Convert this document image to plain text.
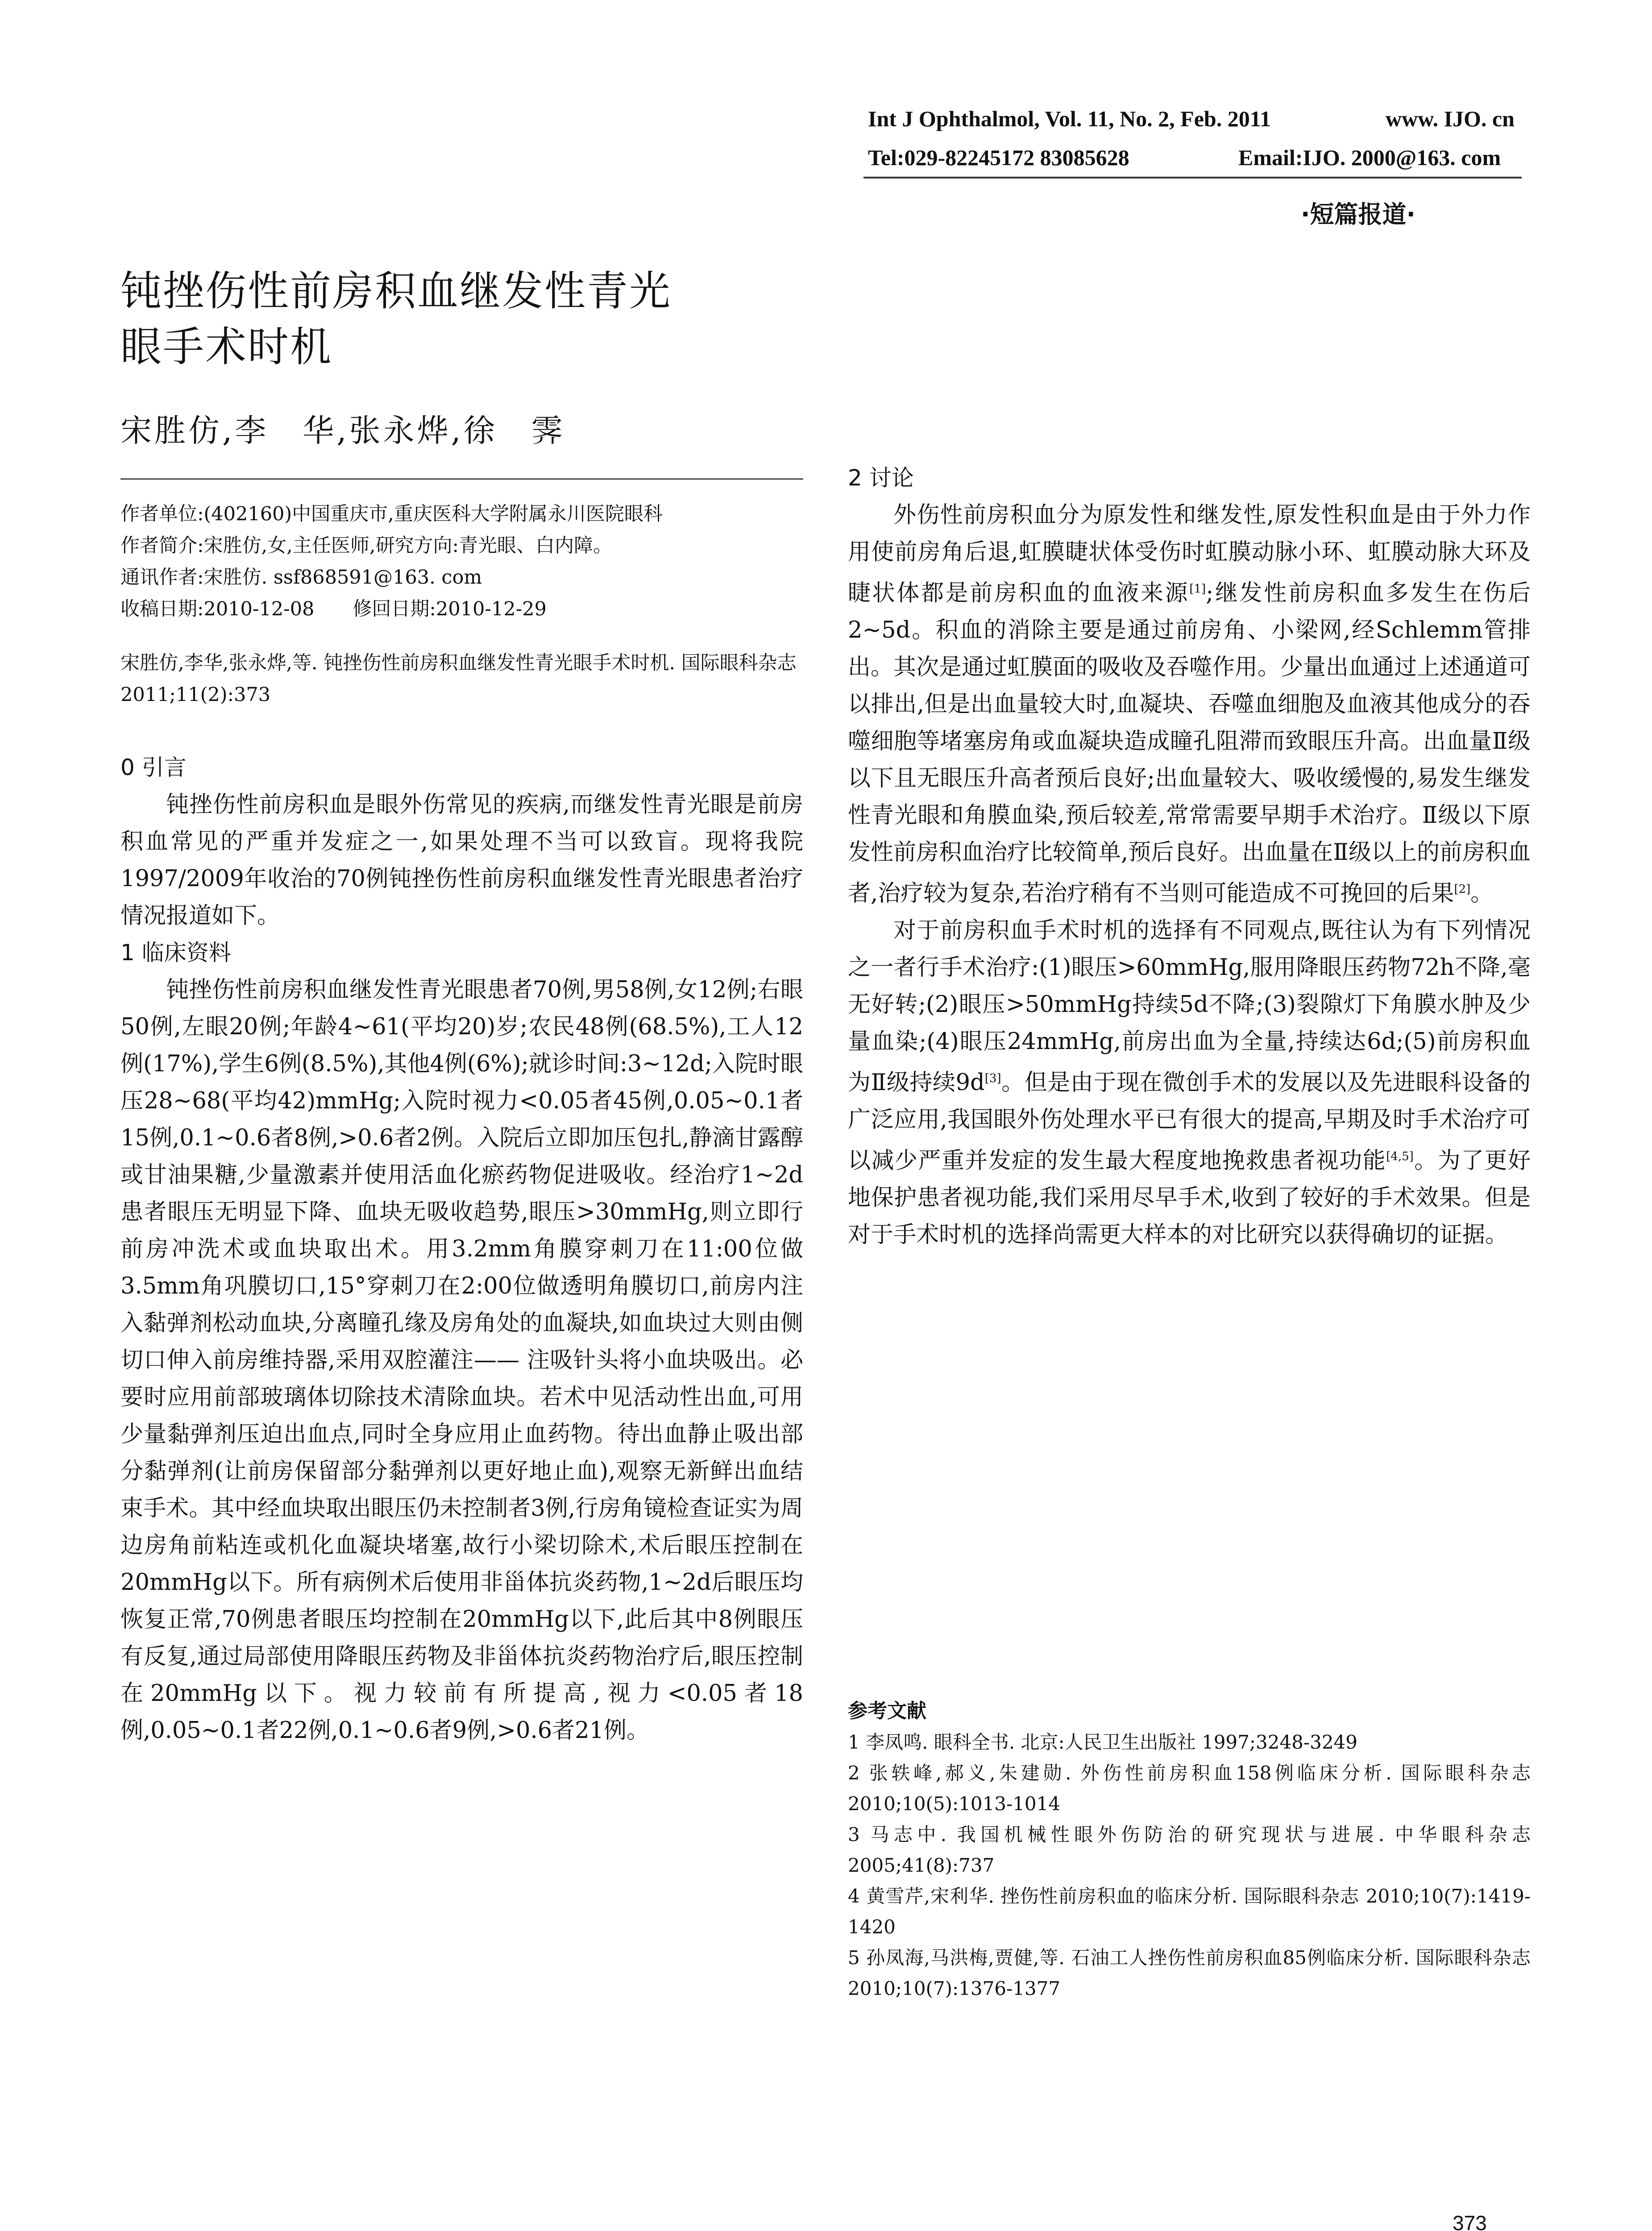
Int J Ophthalmol, Vol. 11, No. 2, Feb. 2011	www. IJO. cn
Tel:029-82245172 83085628	Email:IJO. 2000@163. com
·短篇报道·
钝挫伤性前房积血继发性青光
眼手术时机
宋胜仿,李　华,张永烨,徐　霁
作者单位:(402160)中国重庆市,重庆医科大学附属永川医院眼科
作者简介:宋胜仿,女,主任医师,研究方向:青光眼、白内障。
通讯作者:宋胜仿. ssf868591@163. com
收稿日期:2010-12-08　　修回日期:2010-12-29
宋胜仿,李华,张永烨,等. 钝挫伤性前房积血继发性青光眼手术时机. 国际眼科杂志 2011;11(2):373
0 引言

钝挫伤性前房积血是眼外伤常见的疾病,而继发性青光眼是前房积血常见的严重并发症之一,如果处理不当可以致盲。现将我院1997/2009年收治的70例钝挫伤性前房积血继发性青光眼患者治疗情况报道如下。

1 临床资料

钝挫伤性前房积血继发性青光眼患者70例,男58例,女12例;右眼50例,左眼20例;年龄4~61(平均20)岁;农民48例(68.5%),工人12例(17%),学生6例(8.5%),其他4例(6%);就诊时间:3~12d;入院时眼压28~68(平均42)mmHg;入院时视力<0.05者45例,0.05~0.1者15例,0.1~0.6者8例,>0.6者2例。入院后立即加压包扎,静滴甘露醇或甘油果糖,少量激素并使用活血化瘀药物促进吸收。经治疗1~2d患者眼压无明显下降、血块无吸收趋势,眼压>30mmHg,则立即行前房冲洗术或血块取出术。用3.2mm角膜穿刺刀在11:00位做3.5mm角巩膜切口,15°穿刺刀在2:00位做透明角膜切口,前房内注入黏弹剂松动血块,分离瞳孔缘及房角处的血凝块,如血块过大则由侧切口伸入前房维持器,采用双腔灌注—— 注吸针头将小血块吸出。必要时应用前部玻璃体切除技术清除血块。若术中见活动性出血,可用少量黏弹剂压迫出血点,同时全身应用止血药物。待出血静止吸出部分黏弹剂(让前房保留部分黏弹剂以更好地止血),观察无新鲜出血结束手术。其中经血块取出眼压仍未控制者3例,行房角镜检查证实为周边房角前粘连或机化血凝块堵塞,故行小梁切除术,术后眼压控制在20mmHg以下。所有病例术后使用非甾体抗炎药物,1~2d后眼压均恢复正常,70例患者眼压均控制在20mmHg以下,此后其中8例眼压有反复,通过局部使用降眼压药物及非甾体抗炎药物治疗后,眼压控制在20mmHg以下。视力较前有所提高,视力<0.05者18例,0.05~0.1者22例,0.1~0.6者9例,>0.6者21例。

2 讨论

外伤性前房积血分为原发性和继发性,原发性积血是由于外力作用使前房角后退,虹膜睫状体受伤时虹膜动脉小环、虹膜动脉大环及睫状体都是前房积血的血液来源[1];继发性前房积血多发生在伤后2~5d。积血的消除主要是通过前房角、小梁网,经Schlemm管排出。其次是通过虹膜面的吸收及吞噬作用。少量出血通过上述通道可以排出,但是出血量较大时,血凝块、吞噬血细胞及血液其他成分的吞噬细胞等堵塞房角或血凝块造成瞳孔阻滞而致眼压升高。出血量Ⅱ级以下且无眼压升高者预后良好;出血量较大、吸收缓慢的,易发生继发性青光眼和角膜血染,预后较差,常常需要早期手术治疗。Ⅱ级以下原发性前房积血治疗比较简单,预后良好。出血量在Ⅱ级以上的前房积血者,治疗较为复杂,若治疗稍有不当则可能造成不可挽回的后果[2]。

对于前房积血手术时机的选择有不同观点,既往认为有下列情况之一者行手术治疗:(1)眼压>60mmHg,服用降眼压药物72h不降,毫无好转;(2)眼压>50mmHg持续5d不降;(3)裂隙灯下角膜水肿及少量血染;(4)眼压24mmHg,前房出血为全量,持续达6d;(5)前房积血为Ⅱ级持续9d[3]。但是由于现在微创手术的发展以及先进眼科设备的广泛应用,我国眼外伤处理水平已有很大的提高,早期及时手术治疗可以减少严重并发症的发生最大程度地挽救患者视功能[4,5]。为了更好地保护患者视功能,我们采用尽早手术,收到了较好的手术效果。但是对于手术时机的选择尚需更大样本的对比研究以获得确切的证据。

参考文献
1 李凤鸣. 眼科全书. 北京:人民卫生出版社 1997;3248-3249
2 张轶峰,郝义,朱建勋. 外伤性前房积血158例临床分析. 国际眼科杂志 2010;10(5):1013-1014
3 马志中. 我国机械性眼外伤防治的研究现状与进展. 中华眼科杂志 2005;41(8):737
4 黄雪芹,宋利华. 挫伤性前房积血的临床分析. 国际眼科杂志 2010;10(7):1419-1420
5 孙凤海,马洪梅,贾健,等. 石油工人挫伤性前房积血85例临床分析. 国际眼科杂志 2010;10(7):1376-1377
373
